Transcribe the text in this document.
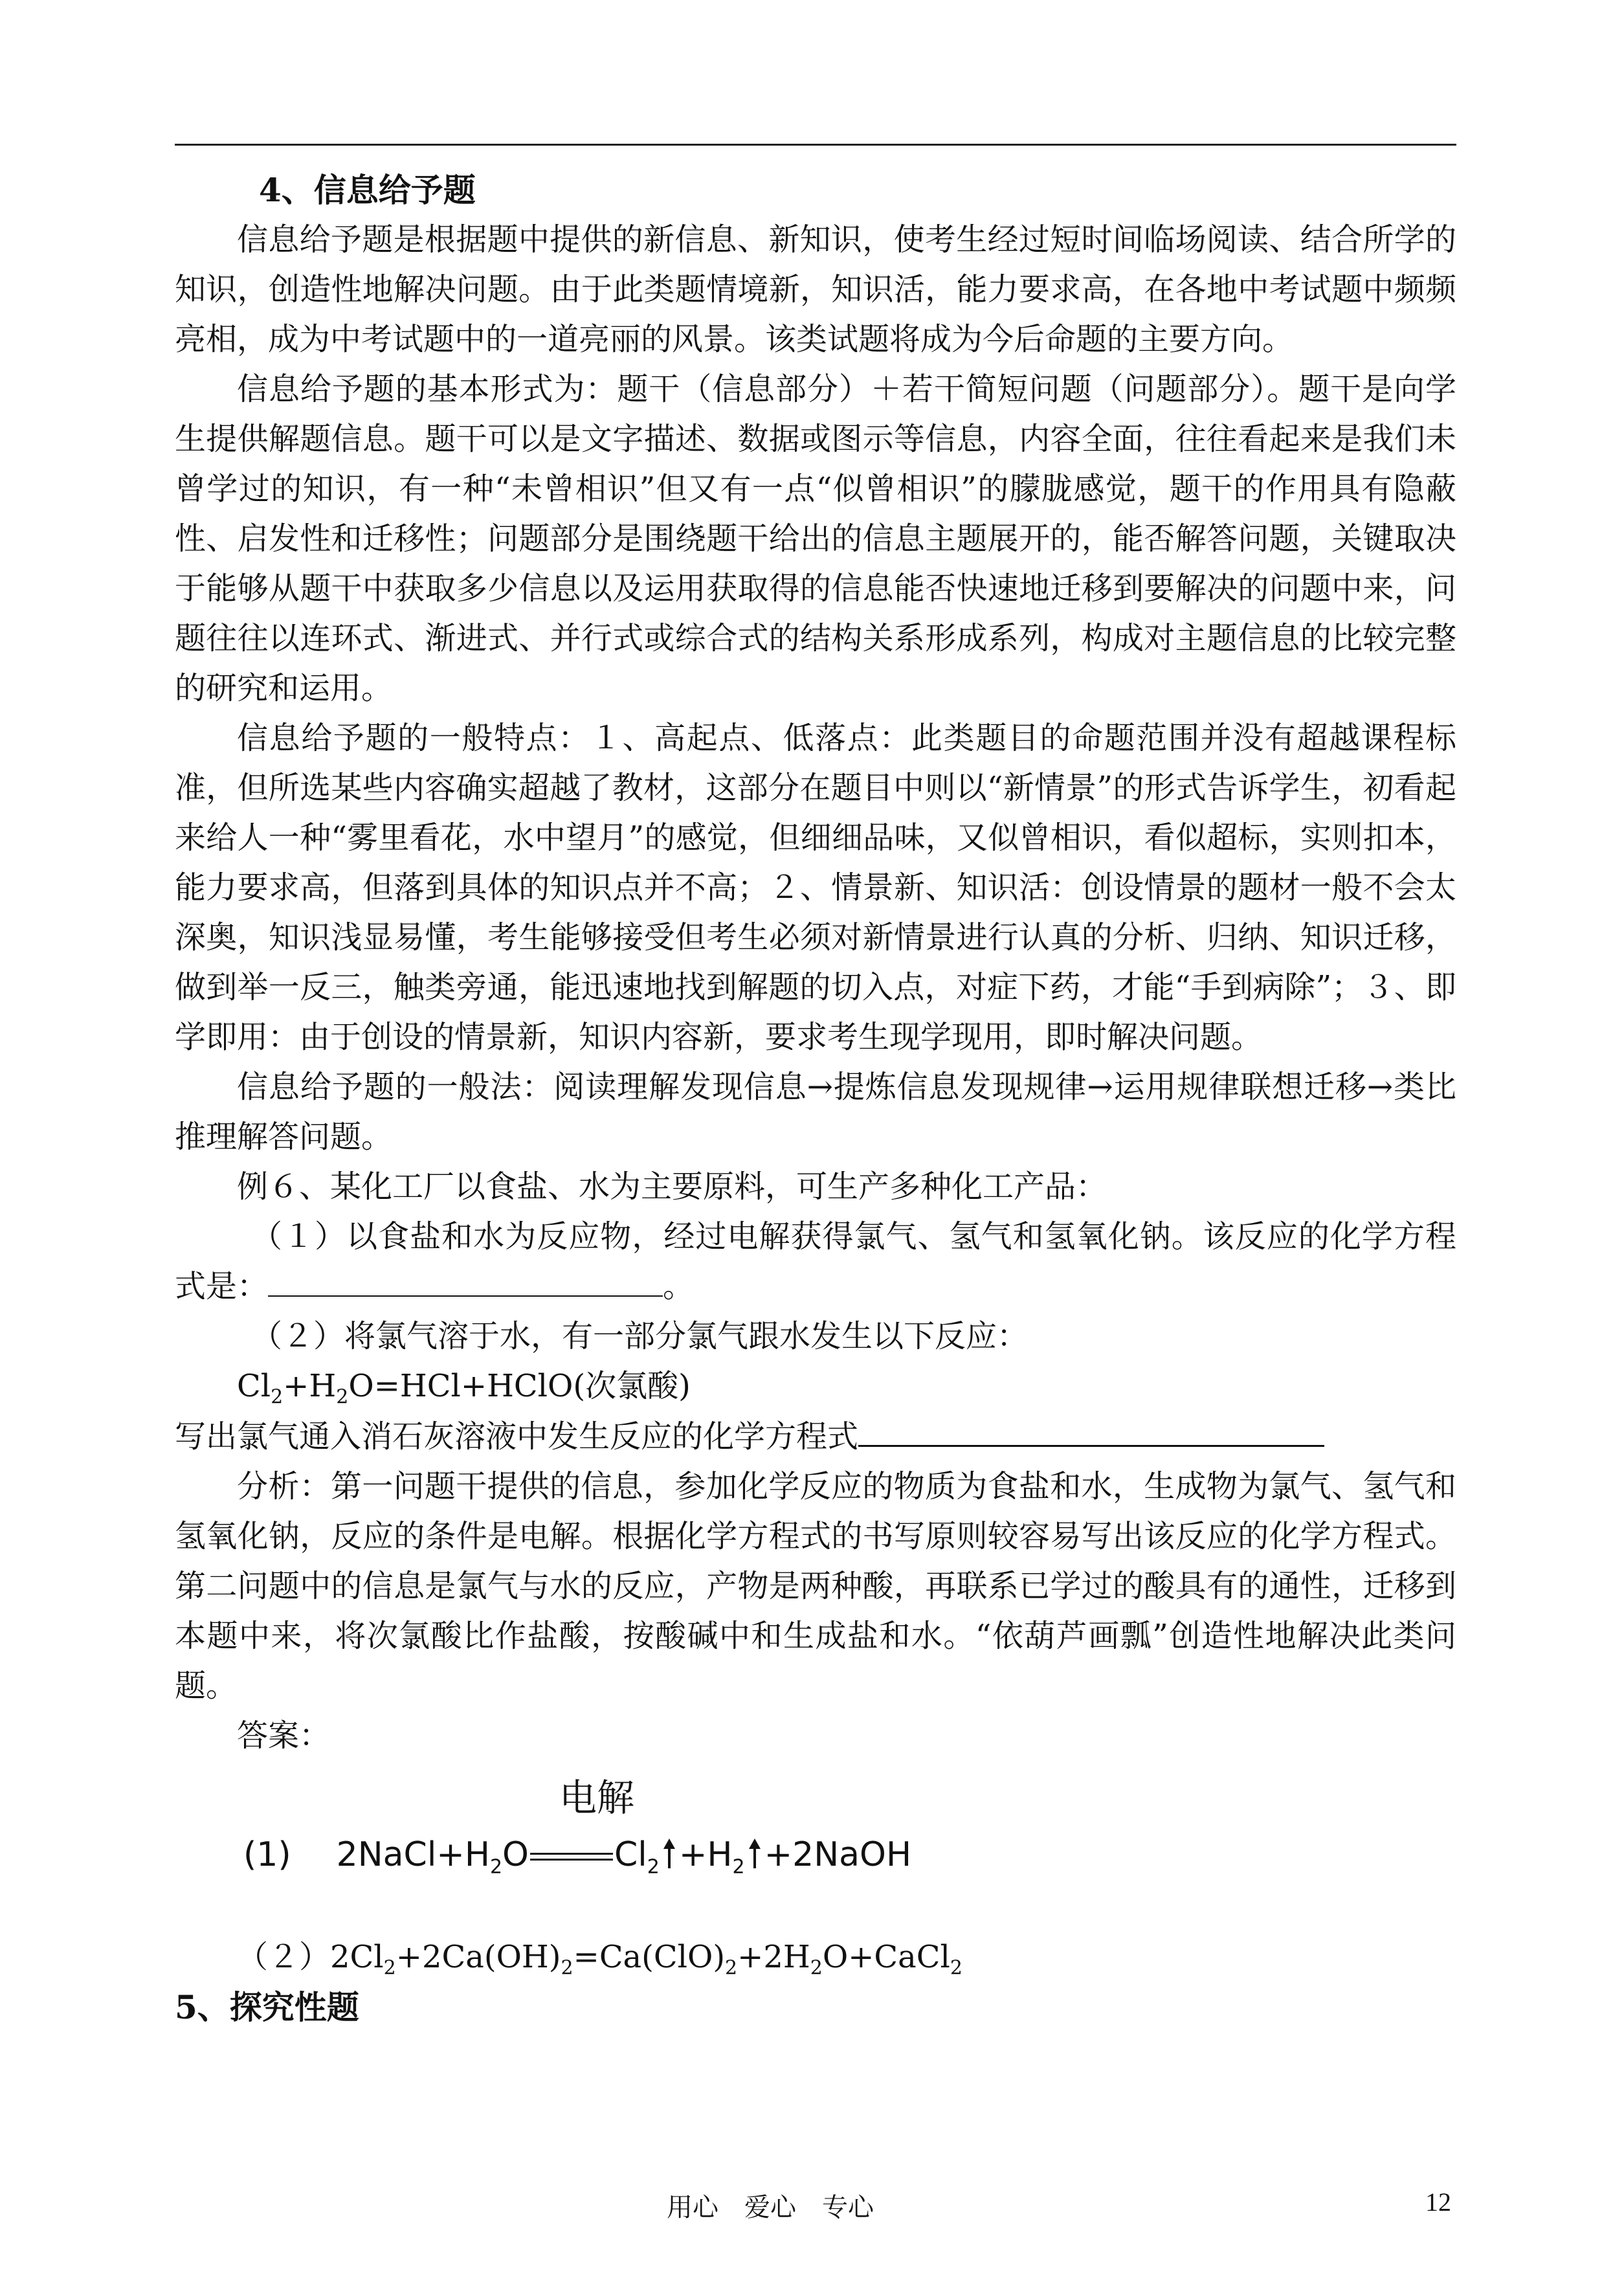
4、信息给予题

信息给予题是根据题中提供的新信息、新知识，使考生经过短时间临场阅读、结合所学的知识，创造性地解决问题。由于此类题情境新，知识活，能力要求高，在各地中考试题中频频亮相，成为中考试题中的一道亮丽的风景。该类试题将成为今后命题的主要方向。

信息给予题的基本形式为：题干（信息部分）＋若干简短问题（问题部分）。题干是向学生提供解题信息。题干可以是文字描述、数据或图示等信息，内容全面，往往看起来是我们未曾学过的知识，有一种“未曾相识”但又有一点“似曾相识”的朦胧感觉，题干的作用具有隐蔽性、启发性和迁移性；问题部分是围绕题干给出的信息主题展开的，能否解答问题，关键取决于能够从题干中获取多少信息以及运用获取得的信息能否快速地迁移到要解决的问题中来，问题往往以连环式、渐进式、并行式或综合式的结构关系形成系列，构成对主题信息的比较完整的研究和运用。

信息给予题的一般特点：１、高起点、低落点：此类题目的命题范围并没有超越课程标准，但所选某些内容确实超越了教材，这部分在题目中则以“新情景”的形式告诉学生，初看起来给人一种“雾里看花，水中望月”的感觉，但细细品味，又似曾相识，看似超标，实则扣本，能力要求高，但落到具体的知识点并不高；２、情景新、知识活：创设情景的题材一般不会太深奥，知识浅显易懂，考生能够接受但考生必须对新情景进行认真的分析、归纳、知识迁移，做到举一反三，触类旁通，能迅速地找到解题的切入点，对症下药，才能“手到病除”；３、即学即用：由于创设的情景新，知识内容新，要求考生现学现用，即时解决问题。

信息给予题的一般法：阅读理解发现信息→提炼信息发现规律→运用规律联想迁移→类比推理解答问题。

例６、某化工厂以食盐、水为主要原料，可生产多种化工产品：

（１）以食盐和水为反应物，经过电解获得氯气、氢气和氢氧化钠。该反应的化学方程式是：	。

（２）将氯气溶于水，有一部分氯气跟水发生以下反应：

$Cl_2+H_2O=HCl+HClO$(次氯酸)

写出氯气通入消石灰溶液中发生反应的化学方程式

分析：第一问题干提供的信息，参加化学反应的物质为食盐和水，生成物为氯气、氢气和氢氧化钠，反应的条件是电解。根据化学方程式的书写原则较容易写出该反应的化学方程式。第二问题中的信息是氯气与水的反应，产物是两种酸，再联系已学过的酸具有的通性，迁移到本题中来，将次氯酸比作盐酸，按酸碱中和生成盐和水。“依葫芦画瓢”创造性地解决此类问题。

答案：

电解
(1) $2NaCl+H_2O$	$Cl_2 +H_2$ +2NaOH

$(2)2Cl_2+2Ca(OH)_2=Ca(ClO)_2+2H_2O+CaCl_2$

5、探究性题

用心　爱心　专心	12
